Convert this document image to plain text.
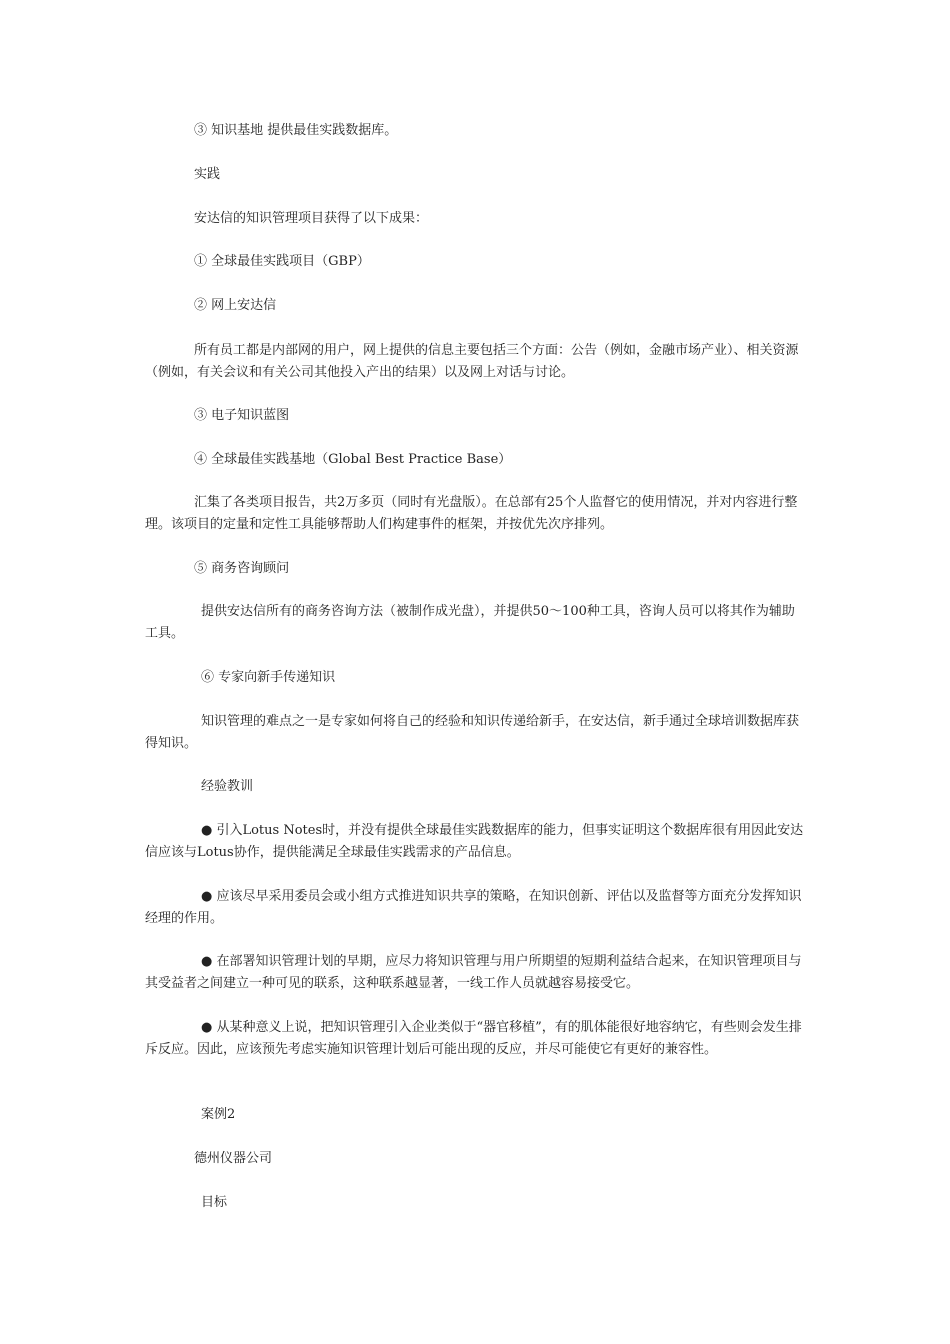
③ 知识基地 提供最佳实践数据库。

实践

安达信的知识管理项目获得了以下成果：

① 全球最佳实践项目（GBP）

② 网上安达信

所有员工都是内部网的用户，网上提供的信息主要包括三个方面：公告（例如，金融市场产业）、相关资源（例如，有关会议和有关公司其他投入产出的结果）以及网上对话与讨论。

③ 电子知识蓝图

④ 全球最佳实践基地（Global Best Practice Base）

汇集了各类项目报告，共2万多页（同时有光盘版）。在总部有25个人监督它的使用情况，并对内容进行整理。该项目的定量和定性工具能够帮助人们构建事件的框架，并按优先次序排列。

⑤ 商务咨询顾问

提供安达信所有的商务咨询方法（被制作成光盘），并提供50～100种工具，咨询人员可以将其作为辅助工具。

⑥ 专家向新手传递知识

知识管理的难点之一是专家如何将自己的经验和知识传递给新手，在安达信，新手通过全球培训数据库获得知识。

经验教训

● 引入Lotus Notes时，并没有提供全球最佳实践数据库的能力，但事实证明这个数据库很有用因此安达信应该与Lotus协作，提供能满足全球最佳实践需求的产品信息。

● 应该尽早采用委员会或小组方式推进知识共享的策略，在知识创新、评估以及监督等方面充分发挥知识经理的作用。

● 在部署知识管理计划的早期，应尽力将知识管理与用户所期望的短期利益结合起来，在知识管理项目与其受益者之间建立一种可见的联系，这种联系越显著，一线工作人员就越容易接受它。

● 从某种意义上说，把知识管理引入企业类似于“器官移植”，有的肌体能很好地容纳它，有些则会发生排斥反应。因此，应该预先考虑实施知识管理计划后可能出现的反应，并尽可能使它有更好的兼容性。

案例2

德州仪器公司

目标
